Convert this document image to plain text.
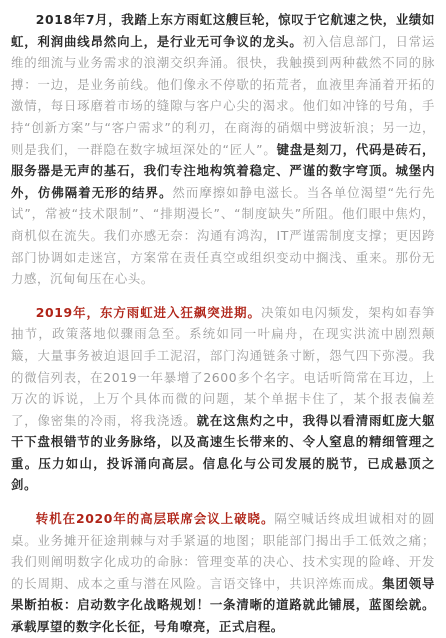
2018年7月，我踏上东方雨虹这艘巨轮，惊叹于它航速之快，业绩如虹，利润曲线昂然向上，是行业无可争议的龙头。初入信息部门，日常运维的细流与业务需求的浪潮交织奔涌。很快，我触摸到两种截然不同的脉搏：一边，是业务前线。他们像永不停歇的拓荒者，血液里奔涌着开拓的激情，每日琢磨着市场的缝隙与客户心尖的渴求。他们如冲锋的号角，手持“创新方案”与“客户需求”的利刃，在商海的硝烟中劈波斩浪；另一边，则是我们，一群隐在数字城垣深处的“匠人”。键盘是刻刀，代码是砖石，服务器是无声的基石，我们专注地构筑着稳定、严谨的数字穹顶。城堡内外，仿佛隔着无形的结界。然而摩擦如静电滋长。当各单位渴望“先行先试”，常被“技术限制”、“排期漫长”、“制度缺失”所阻。他们眼中焦灼，商机似在流失。我们亦感无奈：沟通有鸿沟，IT严谨需制度支撑；更因跨部门协调如走迷宫，方案常在责任真空或组织变动中搁浅、重来。那份无力感，沉甸甸压在心头。

2019年，东方雨虹进入狂飙突进期。决策如电闪频发，架构如春笋抽节，政策落地似骤雨急至。系统如同一叶扁舟，在现实洪流中剧烈颠簸，大量事务被迫退回手工泥沼，部门沟通链条寸断，怨气四下弥漫。我的微信列表，在2019一年暴增了2600多个名字。电话听筒常在耳边，上万次的诉说，上万个具体而微的问题，某个单据卡住了，某个报表偏差了，像密集的冷雨，将我浇透。就在这焦灼之中，我得以看清雨虹庞大躯干下盘根错节的业务脉络，以及高速生长带来的、令人窒息的精细管理之重。压力如山，投诉涌向高层。信息化与公司发展的脱节，已成悬顶之剑。

转机在2020年的高层联席会议上破晓。隔空喊话终成坦诚相对的圆桌。业务摊开征途荆棘与对手紧逼的地图；职能部门揭出手工低效之痛；我们则阐明数字化成功的命脉：管理变革的决心、技术实现的险峰、开发的长周期、成本之重与潜在风险。言语交锋中，共识淬炼而成。集团领导果断拍板：启动数字化战略规划！一条清晰的道路就此铺展，蓝图绘就。承载厚望的数字化长征，号角嘹亮，正式启程。
